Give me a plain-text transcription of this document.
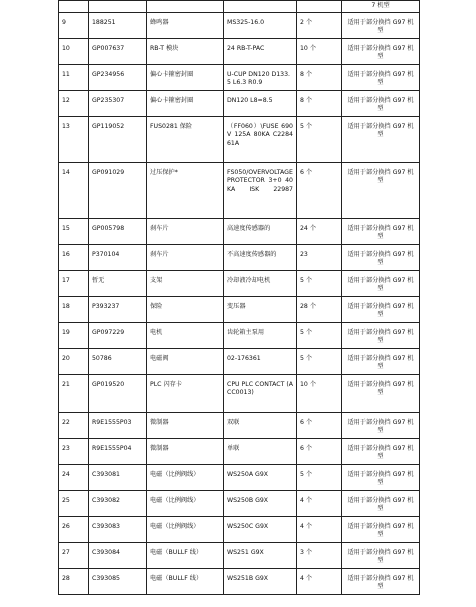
					7 机型
9	188251	蜂鸣器	MS325-16.0	2 个	适用于部分换挡 G97 机型
10	GP007637	RB-T 模块	24 RB-T-PAC	10 个	适用于部分换挡 G97 机型
11	GP234956	偏心卡箍密封圈	U-CUP DN120 D133.5 L6.3 R0.9	8 个	适用于部分换挡 G97 机型
12	GP235307	偏心卡箍密封圈	DN120 L8=8.5	8 个	适用于部分换挡 G97 机型
13	GP119052	FUS0281 保险	（FF060）\FUSE 690V 125A 80KA C228461A	5 个	适用于部分换挡 G97 机型
14	GP091029	过压保护*	FS050/OVERVOLTAGE PROTECTOR 3+0 40KA ISK 22987	6 个	适用于部分换挡 G97 机型
15	GP005798	刹车片	高速度传感器的	24 个	适用于部分换挡 G97 机型
16	P370104	刹车片	不高速度传感器的	23	适用于部分换挡 G97 机型
17	暂无	支架	冷却液冷却电机	5 个	适用于部分换挡 G97 机型
18	P393237	保险	变压器	28 个	适用于部分换挡 G97 机型
19	GP097229	电机	齿轮箱主泵用	5 个	适用于部分换挡 G97 机型
20	50786	电磁阀	02-176361	5 个	适用于部分换挡 G97 机型
21	GP019520	PLC 闪存卡	CPU PLC CONTACT (ACC0013)	10 个	适用于部分换挡 G97 机型
22	R9E1555P03	微制器	双联	6 个	适用于部分换挡 G97 机型
23	R9E1555P04	微制器	单联	6 个	适用于部分换挡 G97 机型
24	C393081	电磁（比例阀线）	WS250A G9X	5 个	适用于部分换挡 G97 机型
25	C393082	电磁（比例阀线）	WS250B G9X	4 个	适用于部分换挡 G97 机型
26	C393083	电磁（比例阀线）	WS250C G9X	4 个	适用于部分换挡 G97 机型
27	C393084	电磁（BULLF 线）	WS251 G9X	3 个	适用于部分换挡 G97 机型
28	C393085	电磁（BULLF 线）	WS251B G9X	4 个	适用于部分换挡 G97 机型
